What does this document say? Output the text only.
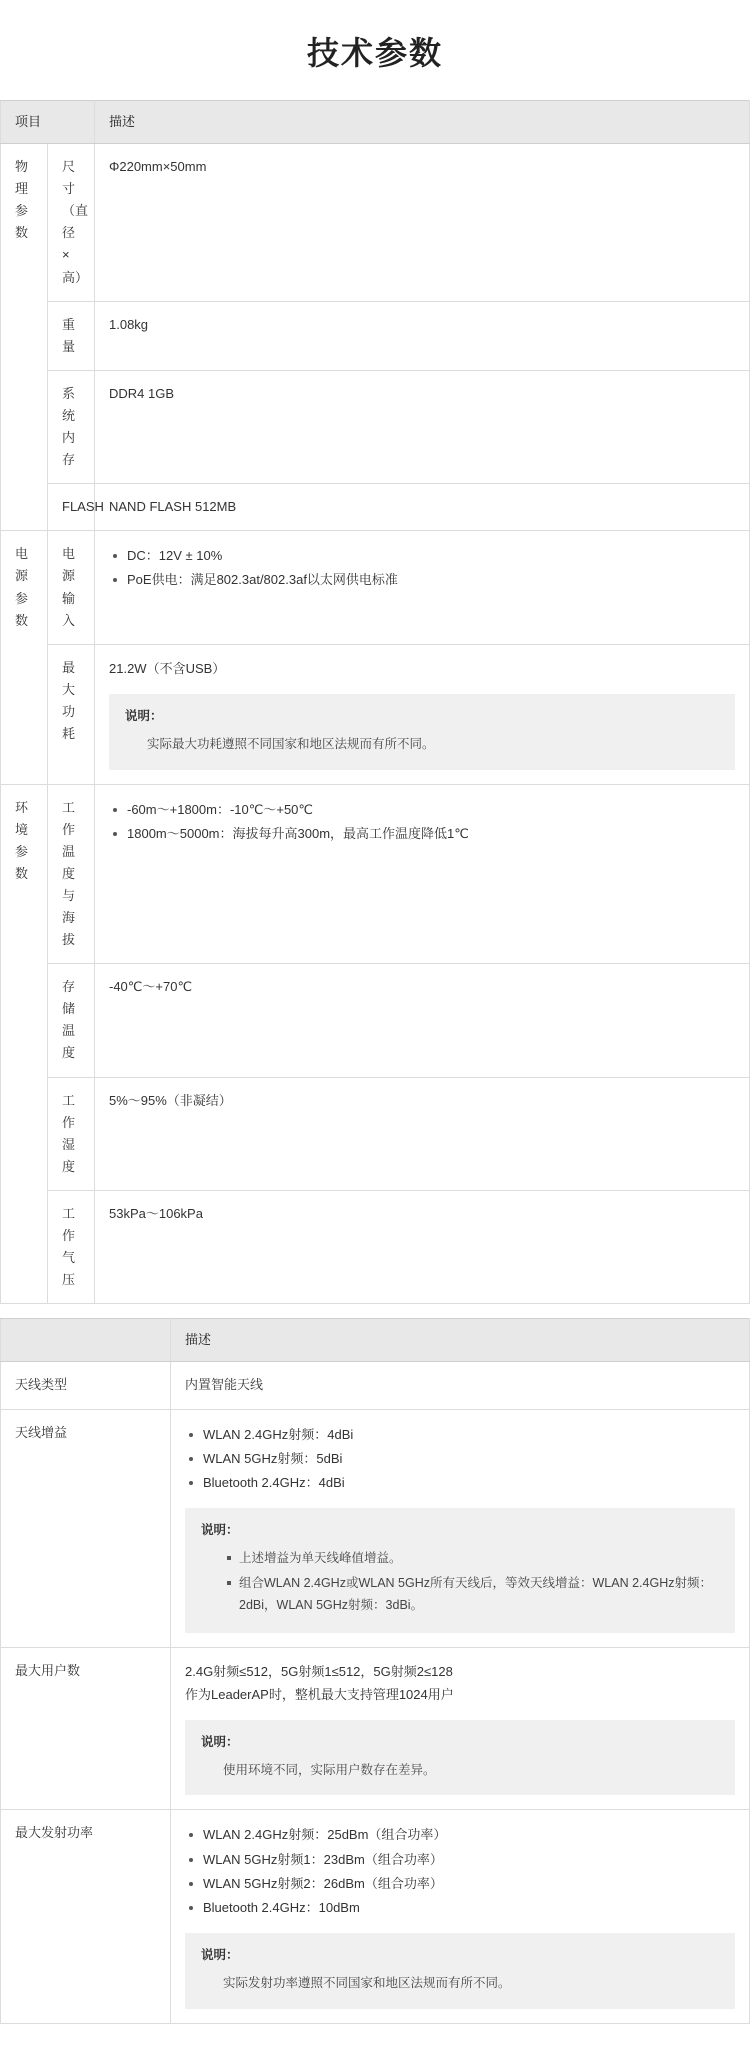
技术参数
项目		描述
物理参数	尺寸（直径×高）	Φ220mm×50mm
	重量	1.08kg
	系统内存	DDR4 1GB
	FLASH	NAND FLASH 512MB
电源参数	电源输入	
DC：12V ± 10%
PoE供电：满足802.3at/802.3af以太网供电标准

	最大功耗	21.2W（不含USB）
说明：
实际最大功耗遵照不同国家和地区法规而有所不同。

环境参数	工作温度与海拔	
-60m～+1800m：-10℃～+50℃
1800m～5000m：海拔每升高300m，最高工作温度降低1℃

	存储温度	-40℃～+70℃
	工作湿度	5%～95%（非凝结）
	工作气压	53kPa～106kPa
	描述
天线类型	内置智能天线
天线增益	WLAN 2.4GHz射频：4dBi
WLAN 5GHz射频：5dBi
Bluetooth 2.4GHz：4dBi
说明：
上述增益为单天线峰值增益。
组合WLAN 2.4GHz或WLAN 5GHz所有天线后，等效天线增益：WLAN 2.4GHz射频：2dBi，WLAN 5GHz射频：3dBi。

最大用户数	2.4G射频≤512，5G射频1≤512，5G射频2≤128
作为LeaderAP时，整机最大支持管理1024用户
说明：
使用环境不同，实际用户数存在差异。

最大发射功率	WLAN 2.4GHz射频：25dBm（组合功率）
WLAN 5GHz射频1：23dBm（组合功率）
WLAN 5GHz射频2：26dBm（组合功率）
Bluetooth 2.4GHz：10dBm
说明：
实际发射功率遵照不同国家和地区法规而有所不同。
